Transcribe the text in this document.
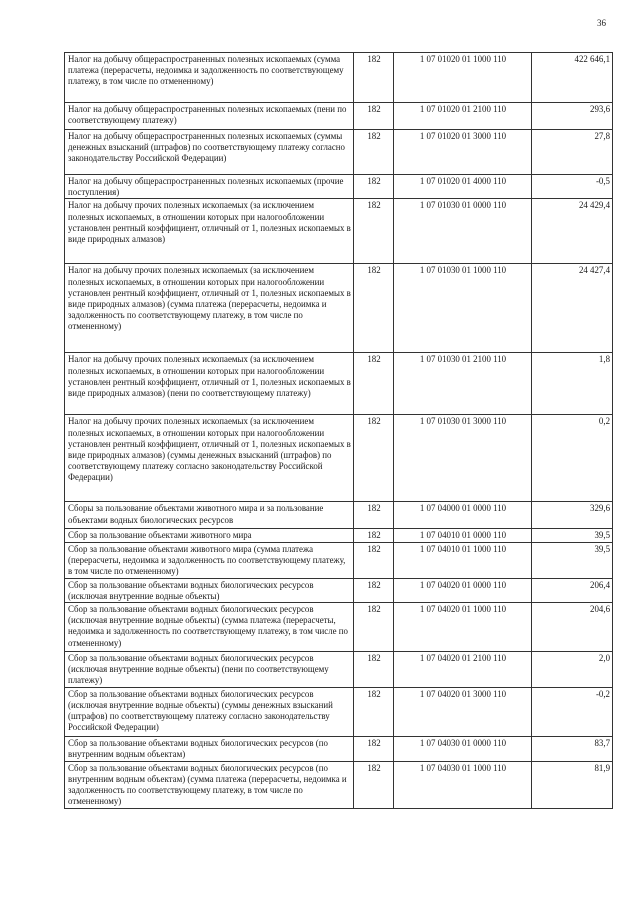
36
Налог на добычу общераспространенных полезных ископаемых (сумма платежа (перерасчеты, недоимка и задолженность по соответствующему платежу, в том числе по отмененному)	182	1 07 01020 01 1000 110	422 646,1
Налог на добычу общераспространенных полезных ископаемых (пени по соответствующему платежу)	182	1 07 01020 01 2100 110	293,6
Налог на добычу общераспространенных полезных ископаемых (суммы денежных взысканий (штрафов) по соответствующему платежу согласно законодательству Российской Федерации)	182	1 07 01020 01 3000 110	27,8
Налог на добычу общераспространенных полезных ископаемых (прочие поступления)	182	1 07 01020 01 4000 110	-0,5
Налог на добычу прочих полезных ископаемых (за исключением полезных ископаемых, в отношении которых при налогообложении установлен рентный коэффициент, отличный от 1, полезных ископаемых в виде природных алмазов)	182	1 07 01030 01 0000 110	24 429,4
Налог на добычу прочих полезных ископаемых (за исключением полезных ископаемых, в отношении которых при налогообложении установлен рентный коэффициент, отличный от 1, полезных ископаемых в виде природных алмазов) (сумма платежа (перерасчеты, недоимка и задолженность по соответствующему платежу, в том числе по отмененному)	182	1 07 01030 01 1000 110	24 427,4
Налог на добычу прочих полезных ископаемых (за исключением полезных ископаемых, в отношении которых при налогообложении установлен рентный коэффициент, отличный от 1, полезных ископаемых в виде природных алмазов) (пени по соответствующему платежу)	182	1 07 01030 01 2100 110	1,8
Налог на добычу прочих полезных ископаемых (за исключением полезных ископаемых, в отношении которых при налогообложении установлен рентный коэффициент, отличный от 1, полезных ископаемых в виде природных алмазов) (суммы денежных взысканий (штрафов) по соответствующему платежу согласно законодательству Российской Федерации)	182	1 07 01030 01 3000 110	0,2
Сборы за пользование объектами животного мира и за пользование объектами водных биологических ресурсов	182	1 07 04000 01 0000 110	329,6
Сбор за пользование объектами животного мира	182	1 07 04010 01 0000 110	39,5
Сбор за пользование объектами животного мира (сумма платежа (перерасчеты, недоимка и задолженность по соответствующему платежу, в том числе по отмененному)	182	1 07 04010 01 1000 110	39,5
Сбор за пользование объектами водных биологических ресурсов (исключая внутренние водные объекты)	182	1 07 04020 01 0000 110	206,4
Сбор за пользование объектами водных биологических ресурсов (исключая внутренние водные объекты) (сумма платежа (перерасчеты, недоимка и задолженность по соответствующему платежу, в том числе по отмененному)	182	1 07 04020 01 1000 110	204,6
Сбор за пользование объектами водных биологических ресурсов (исключая внутренние водные объекты) (пени по соответствующему платежу)	182	1 07 04020 01 2100 110	2,0
Сбор за пользование объектами водных биологических ресурсов (исключая внутренние водные объекты) (суммы денежных взысканий (штрафов) по соответствующему платежу согласно законодательству Российской Федерации)	182	1 07 04020 01 3000 110	-0,2
Сбор за пользование объектами водных биологических ресурсов (по внутренним водным объектам)	182	1 07 04030 01 0000 110	83,7
Сбор за пользование объектами водных биологических ресурсов (по внутренним водным объектам) (сумма платежа (перерасчеты, недоимка и задолженность по соответствующему платежу, в том числе по отмененному)	182	1 07 04030 01 1000 110	81,9
